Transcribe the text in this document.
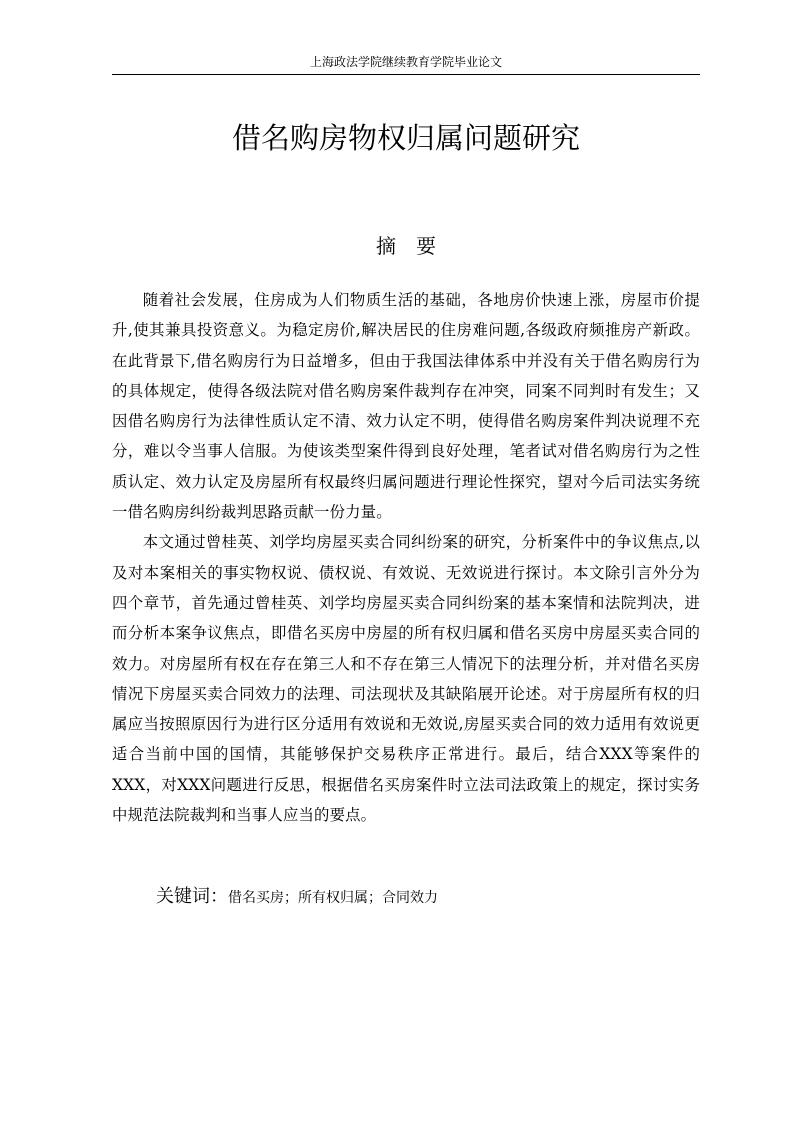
上海政法学院继续教育学院毕业论文
借名购房物权归属问题研究
摘要

随着社会发展，住房成为人们物质生活的基础，各地房价快速上涨，房屋市价提升,使其兼具投资意义。为稳定房价,解决居民的住房难问题,各级政府频推房产新政。在此背景下,借名购房行为日益增多，但由于我国法律体系中并没有关于借名购房行为的具体规定，使得各级法院对借名购房案件裁判存在冲突，同案不同判时有发生；又因借名购房行为法律性质认定不清、效力认定不明，使得借名购房案件判决说理不充分，难以令当事人信服。为使该类型案件得到良好处理，笔者试对借名购房行为之性质认定、效力认定及房屋所有权最终归属问题进行理论性探究，望对今后司法实务统一借名购房纠纷裁判思路贡献一份力量。

本文通过曾桂英、刘学均房屋买卖合同纠纷案的研究，分析案件中的争议焦点,以及对本案相关的事实物权说、债权说、有效说、无效说进行探讨。本文除引言外分为四个章节，首先通过曾桂英、刘学均房屋买卖合同纠纷案的基本案情和法院判决，进而分析本案争议焦点，即借名买房中房屋的所有权归属和借名买房中房屋买卖合同的效力。对房屋所有权在存在第三人和不存在第三人情况下的法理分析，并对借名买房情况下房屋买卖合同效力的法理、司法现状及其缺陷展开论述。对于房屋所有权的归属应当按照原因行为进行区分适用有效说和无效说,房屋买卖合同的效力适用有效说更适合当前中国的国情，其能够保护交易秩序正常进行。最后，结合XXX等案件的XXX，对XXX问题进行反思，根据借名买房案件时立法司法政策上的规定，探讨实务中规范法院裁判和当事人应当的要点。

关键词：借名买房；所有权归属；合同效力
